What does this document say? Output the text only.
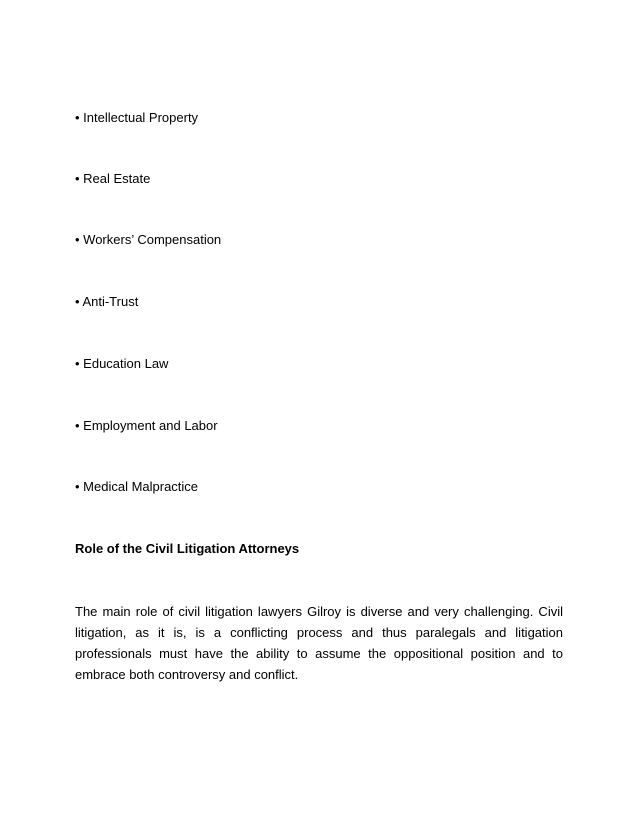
• Intellectual Property
• Real Estate
• Workers’ Compensation
• Anti-Trust
• Education Law
• Employment and Labor
• Medical Malpractice
Role of the Civil Litigation Attorneys
The main role of civil litigation lawyers Gilroy is diverse and very challenging. Civil litigation, as it is, is a conflicting process and thus paralegals and litigation professionals must have the ability to assume the oppositional position and to embrace both controversy and conflict.
